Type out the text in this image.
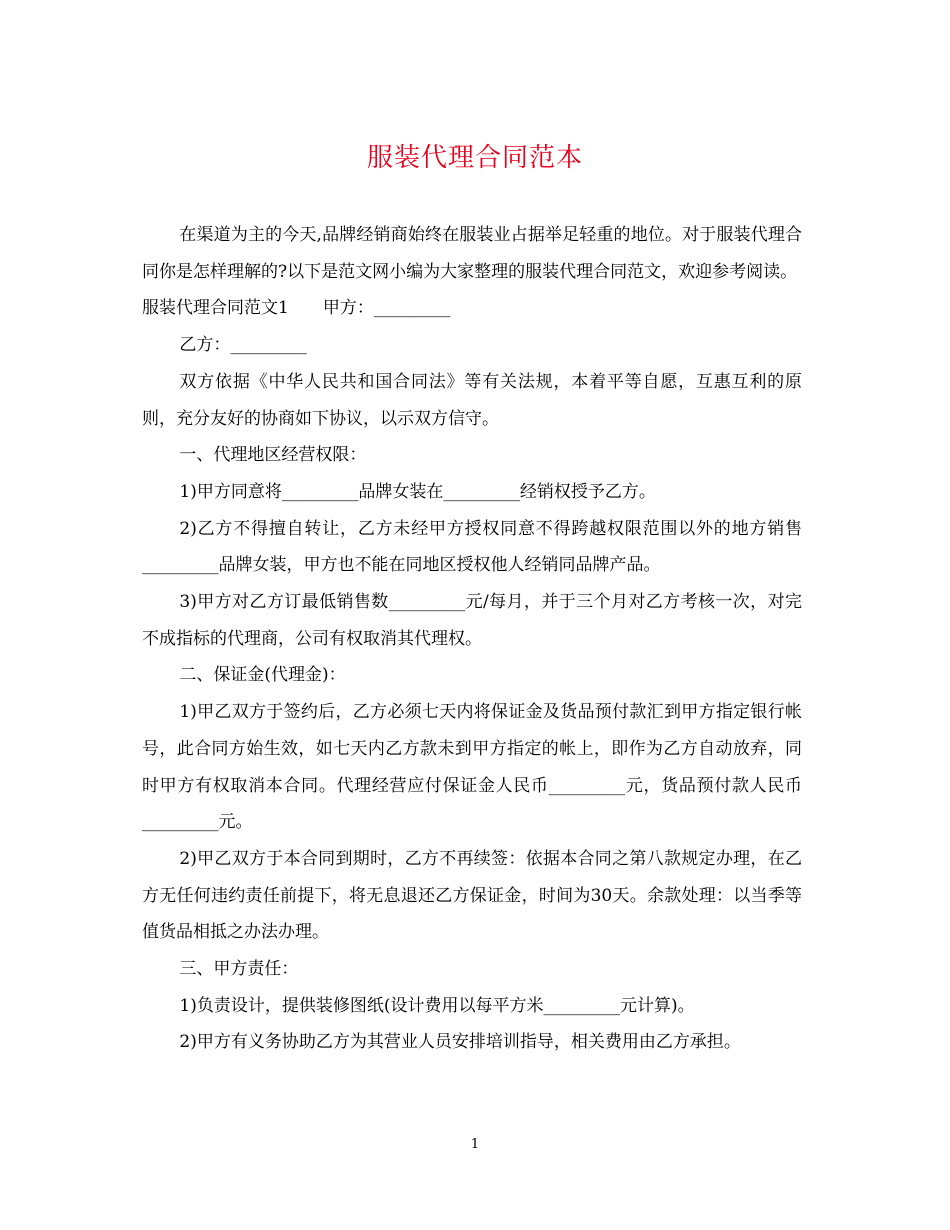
服装代理合同范本

在渠道为主的今天,品牌经销商始终在服装业占据举足轻重的地位。对于服装代理合同你是怎样理解的?以下是范文网小编为大家整理的服装代理合同范文，欢迎参考阅读。

服装代理合同范文1　　甲方：_________

乙方：_________

双方依据《中华人民共和国合同法》等有关法规，本着平等自愿，互惠互利的原则，充分友好的协商如下协议，以示双方信守。

一、代理地区经营权限：

1)甲方同意将_________品牌女装在_________经销权授予乙方。

2)乙方不得擅自转让，乙方未经甲方授权同意不得跨越权限范围以外的地方销售_________品牌女装，甲方也不能在同地区授权他人经销同品牌产品。

3)甲方对乙方订最低销售数_________元/每月，并于三个月对乙方考核一次，对完不成指标的代理商，公司有权取消其代理权。

二、保证金(代理金)：

1)甲乙双方于签约后，乙方必须七天内将保证金及货品预付款汇到甲方指定银行帐号，此合同方始生效，如七天内乙方款未到甲方指定的帐上，即作为乙方自动放弃，同时甲方有权取消本合同。代理经营应付保证金人民币_________元，货品预付款人民币_________元。

2)甲乙双方于本合同到期时，乙方不再续签：依据本合同之第八款规定办理，在乙方无任何违约责任前提下，将无息退还乙方保证金，时间为30天。余款处理：以当季等值货品相抵之办法办理。

三、甲方责任：

1)负责设计，提供装修图纸(设计费用以每平方米_________元计算)。

2)甲方有义务协助乙方为其营业人员安排培训指导，相关费用由乙方承担。

1
